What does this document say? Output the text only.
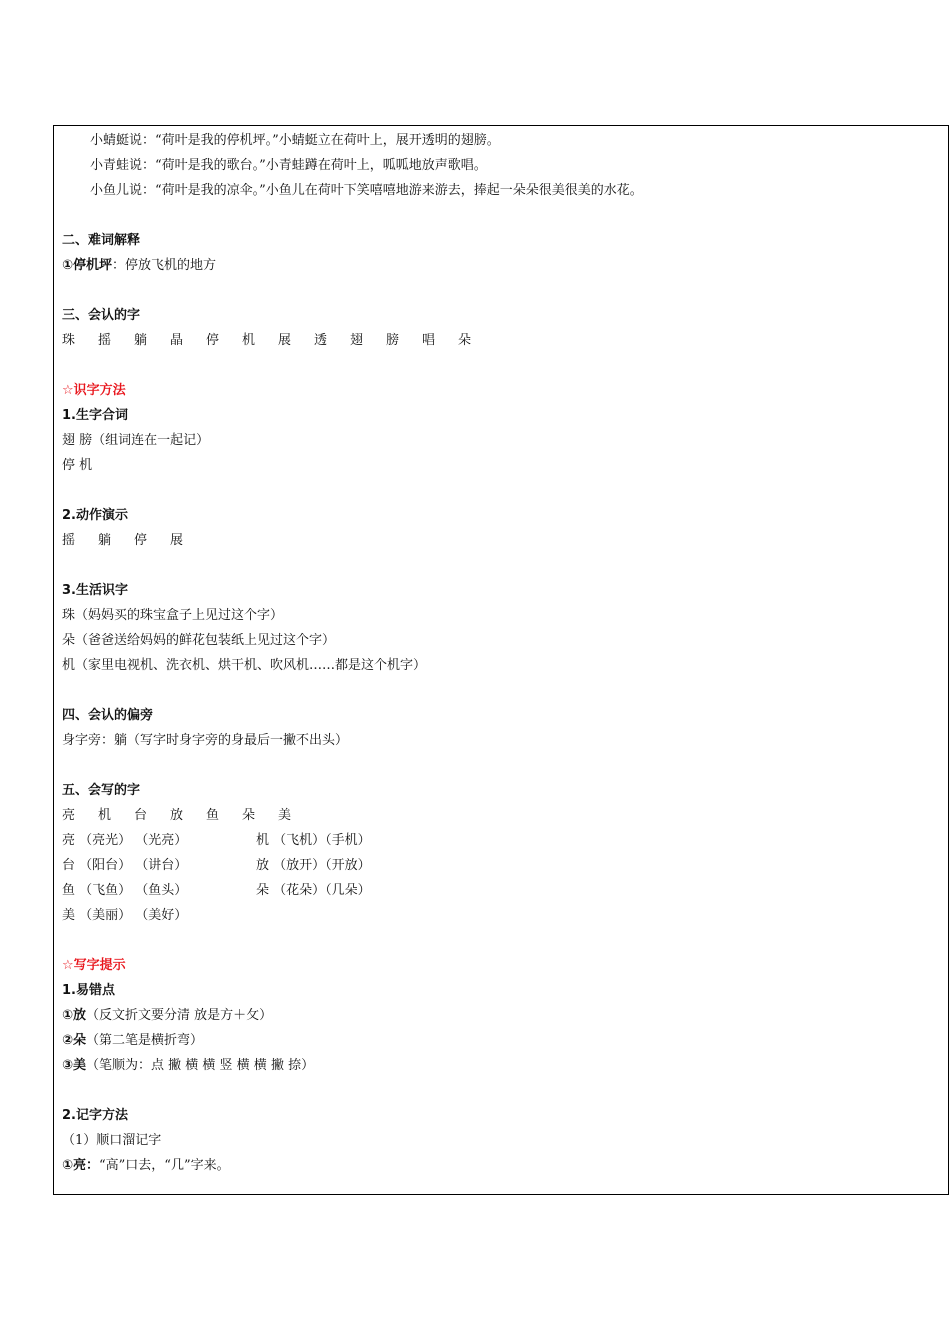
小蜻蜓说：“荷叶是我的停机坪。”小蜻蜓立在荷叶上，展开透明的翅膀。
小青蛙说：“荷叶是我的歌台。”小青蛙蹲在荷叶上，呱呱地放声歌唱。
小鱼儿说：“荷叶是我的凉伞。”小鱼儿在荷叶下笑嘻嘻地游来游去，捧起一朵朵很美很美的水花。
二、难词解释
①停机坪：停放飞机的地方
三、会认的字
珠 摇 躺 晶 停 机 展 透 翅 膀 唱 朵
☆识字方法
1.生字合词
翅 膀（组词连在一起记）
停 机
2.动作演示
摇 躺 停 展
3.生活识字
珠（妈妈买的珠宝盒子上见过这个字）
朵（爸爸送给妈妈的鲜花包装纸上见过这个字）
机（家里电视机、洗衣机、烘干机、吹风机……都是这个机字）
四、会认的偏旁
身字旁：躺（写字时身字旁的身最后一撇不出头）
五、会写的字
亮 机 台 放 鱼 朵 美
亮 （亮光） （光亮）	机 （飞机）（手机）
台 （阳台） （讲台）	放 （放开）（开放）
鱼 （飞鱼） （鱼头）	朵 （花朵）（几朵）
美 （美丽） （美好）
☆写字提示
1.易错点
①放（反文折文要分清 放是方＋攵）
②朵（第二笔是横折弯）
③美（笔顺为：点 撇 横 横 竖 横 横 撇 捺）
2.记字方法
（1）顺口溜记字
①亮：“高”口去，“几”字来。
